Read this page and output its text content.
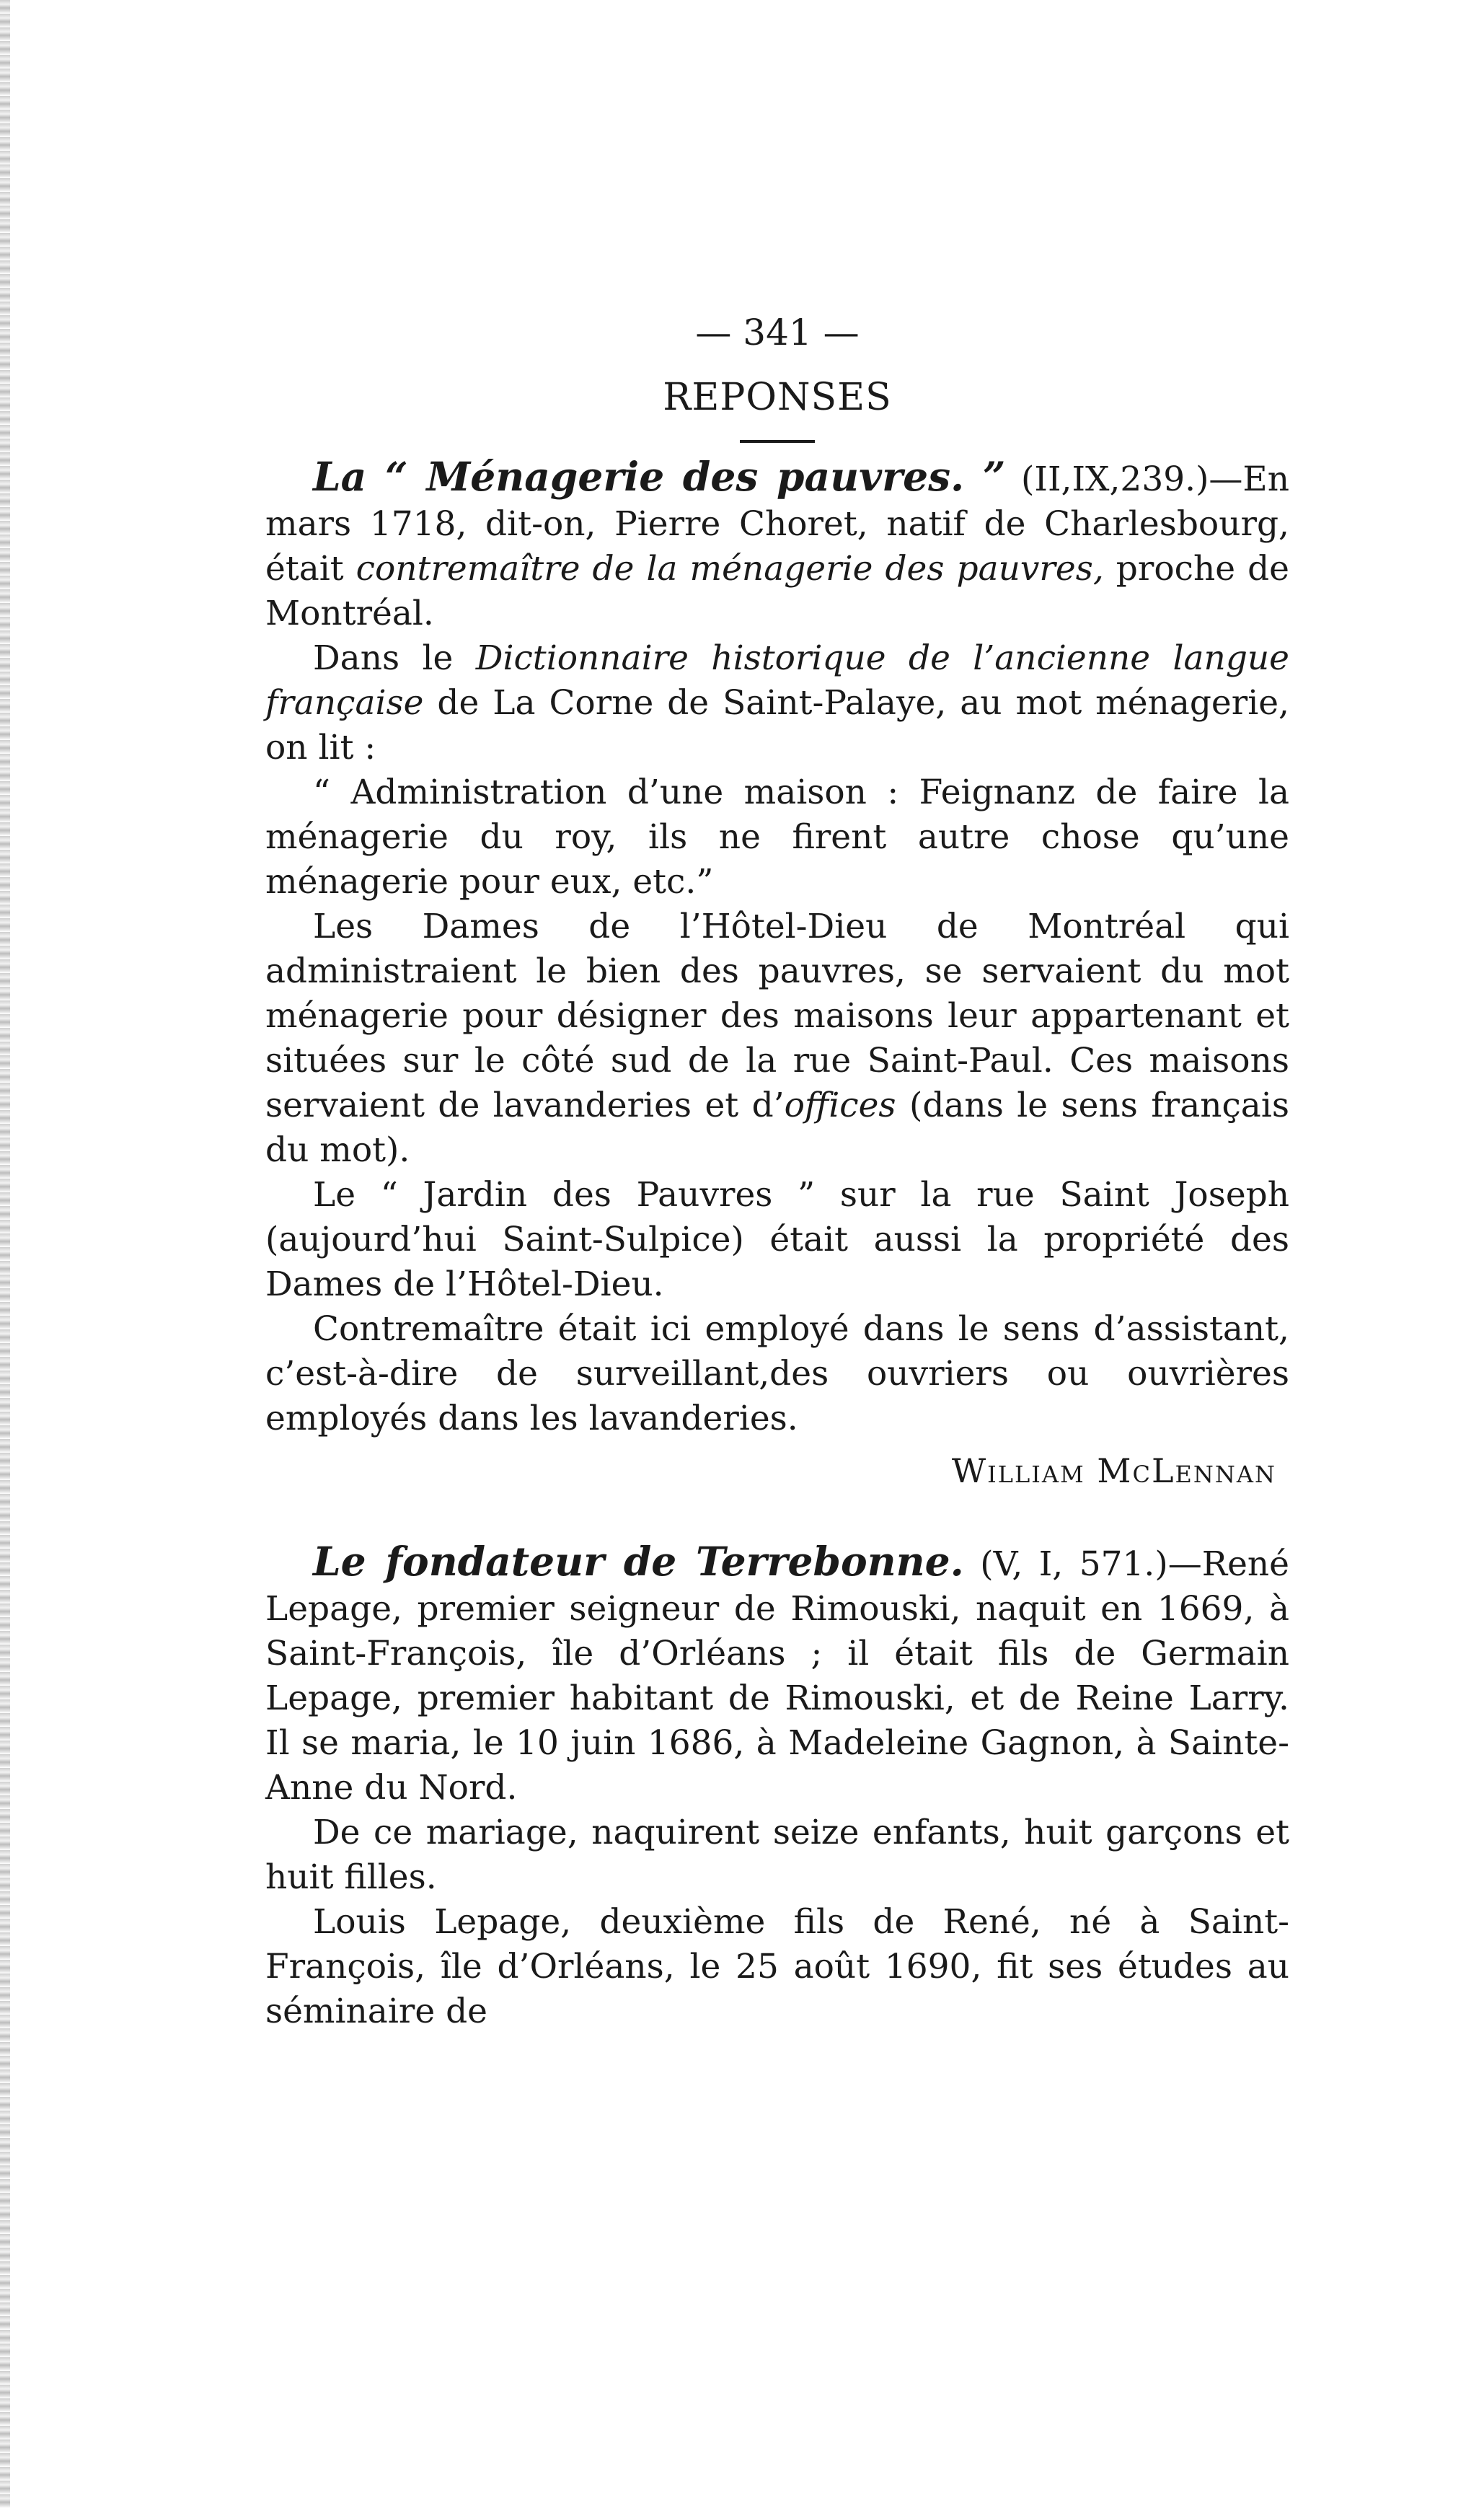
— 341 —
REPONSES

La “ Ménagerie des pauvres. ” (II,IX,239.)—En mars 1718, dit-on, Pierre Choret, natif de Charlesbourg, était contremaître de la ménagerie des pauvres, proche de Montréal.

Dans le Dictionnaire historique de l’ancienne langue française de La Corne de Saint-Palaye, au mot ménagerie, on lit :

“ Administration d’une maison : Feignanz de faire la ménagerie du roy, ils ne firent autre chose qu’une ménagerie pour eux, etc.”

Les Dames de l’Hôtel-Dieu de Montréal qui administraient le bien des pauvres, se servaient du mot ménagerie pour désigner des maisons leur appartenant et situées sur le côté sud de la rue Saint-Paul. Ces maisons servaient de lavanderies et d’offices (dans le sens français du mot).

Le “ Jardin des Pauvres ” sur la rue Saint Joseph (aujourd’hui Saint-Sulpice) était aussi la propriété des Dames de l’Hôtel-Dieu.

Contremaître était ici employé dans le sens d’assistant, c’est-à-dire de surveillant,des ouvriers ou ouvrières employés dans les lavanderies.

William McLennan

Le fondateur de Terrebonne. (V, I, 571.)—René Lepage, premier seigneur de Rimouski, naquit en 1669, à Saint-François, île d’Orléans ; il était fils de Germain Lepage, premier habitant de Rimouski, et de Reine Larry. Il se maria, le 10 juin 1686, à Madeleine Gagnon, à Sainte-Anne du Nord.

De ce mariage, naquirent seize enfants, huit garçons et huit filles.

Louis Lepage, deuxième fils de René, né à Saint-François, île d’Orléans, le 25 août 1690, fit ses études au séminaire de
